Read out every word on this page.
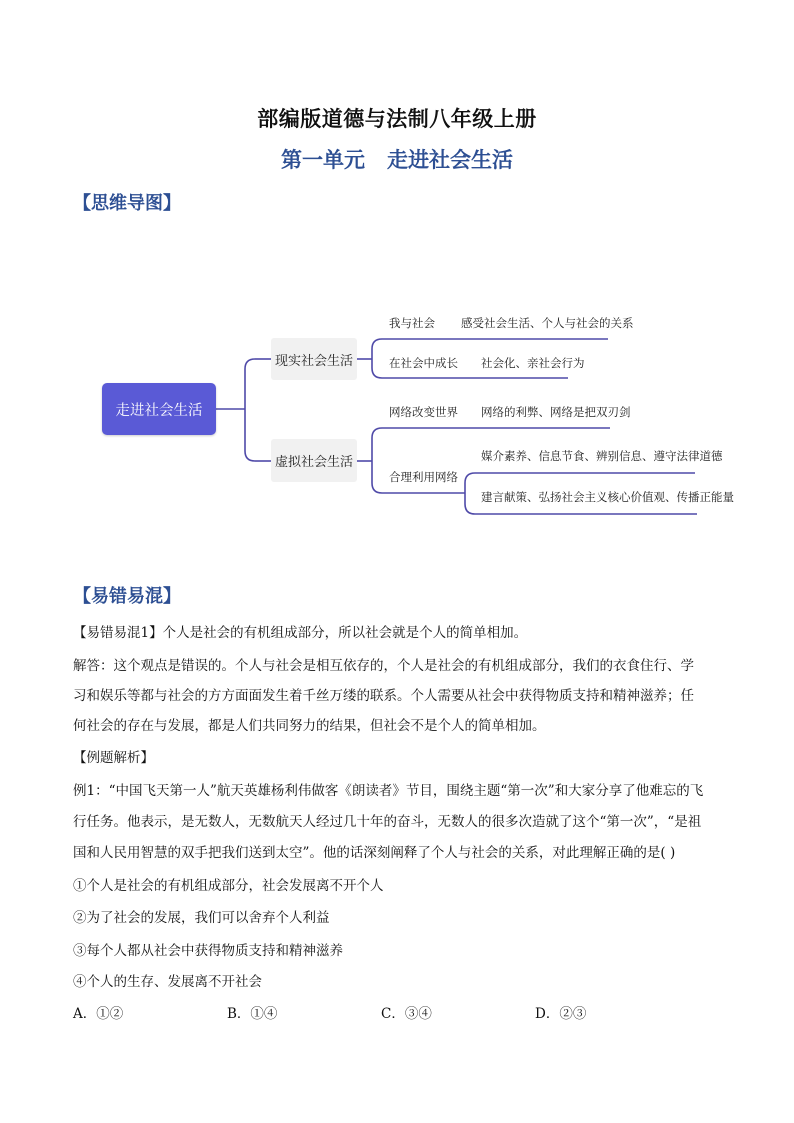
部编版道德与法制八年级上册
第一单元 走进社会生活
【思维导图】
走进社会生活
现实社会生活
虚拟社会生活
我与社会 感受社会生活、个人与社会的关系
在社会中成长 社会化、亲社会行为
网络改变世界 网络的利弊、网络是把双刃剑
合理利用网络
媒介素养、信息节食、辨别信息、遵守法律道德
建言献策、弘扬社会主义核心价值观、传播正能量
【易错易混】
【易错易混1】个人是社会的有机组成部分，所以社会就是个人的简单相加。
解答：这个观点是错误的。个人与社会是相互依存的，个人是社会的有机组成部分，我们的衣食住行、学
习和娱乐等都与社会的方方面面发生着千丝万缕的联系。个人需要从社会中获得物质支持和精神滋养；任
何社会的存在与发展，都是人们共同努力的结果，但社会不是个人的简单相加。
【例题解析】
例1：“中国飞天第一人”航天英雄杨利伟做客《朗读者》节目，围绕主题“第一次”和大家分享了他难忘的飞
行任务。他表示，是无数人，无数航天人经过几十年的奋斗，无数人的很多次造就了这个“第一次”，“是祖
国和人民用智慧的双手把我们送到太空”。他的话深刻阐释了个人与社会的关系，对此理解正确的是( )
①个人是社会的有机组成部分，社会发展离不开个人
②为了社会的发展，我们可以舍弃个人利益
③每个人都从社会中获得物质支持和精神滋养
④个人的生存、发展离不开社会
A．①②	B．①④	C．③④	D．②③
